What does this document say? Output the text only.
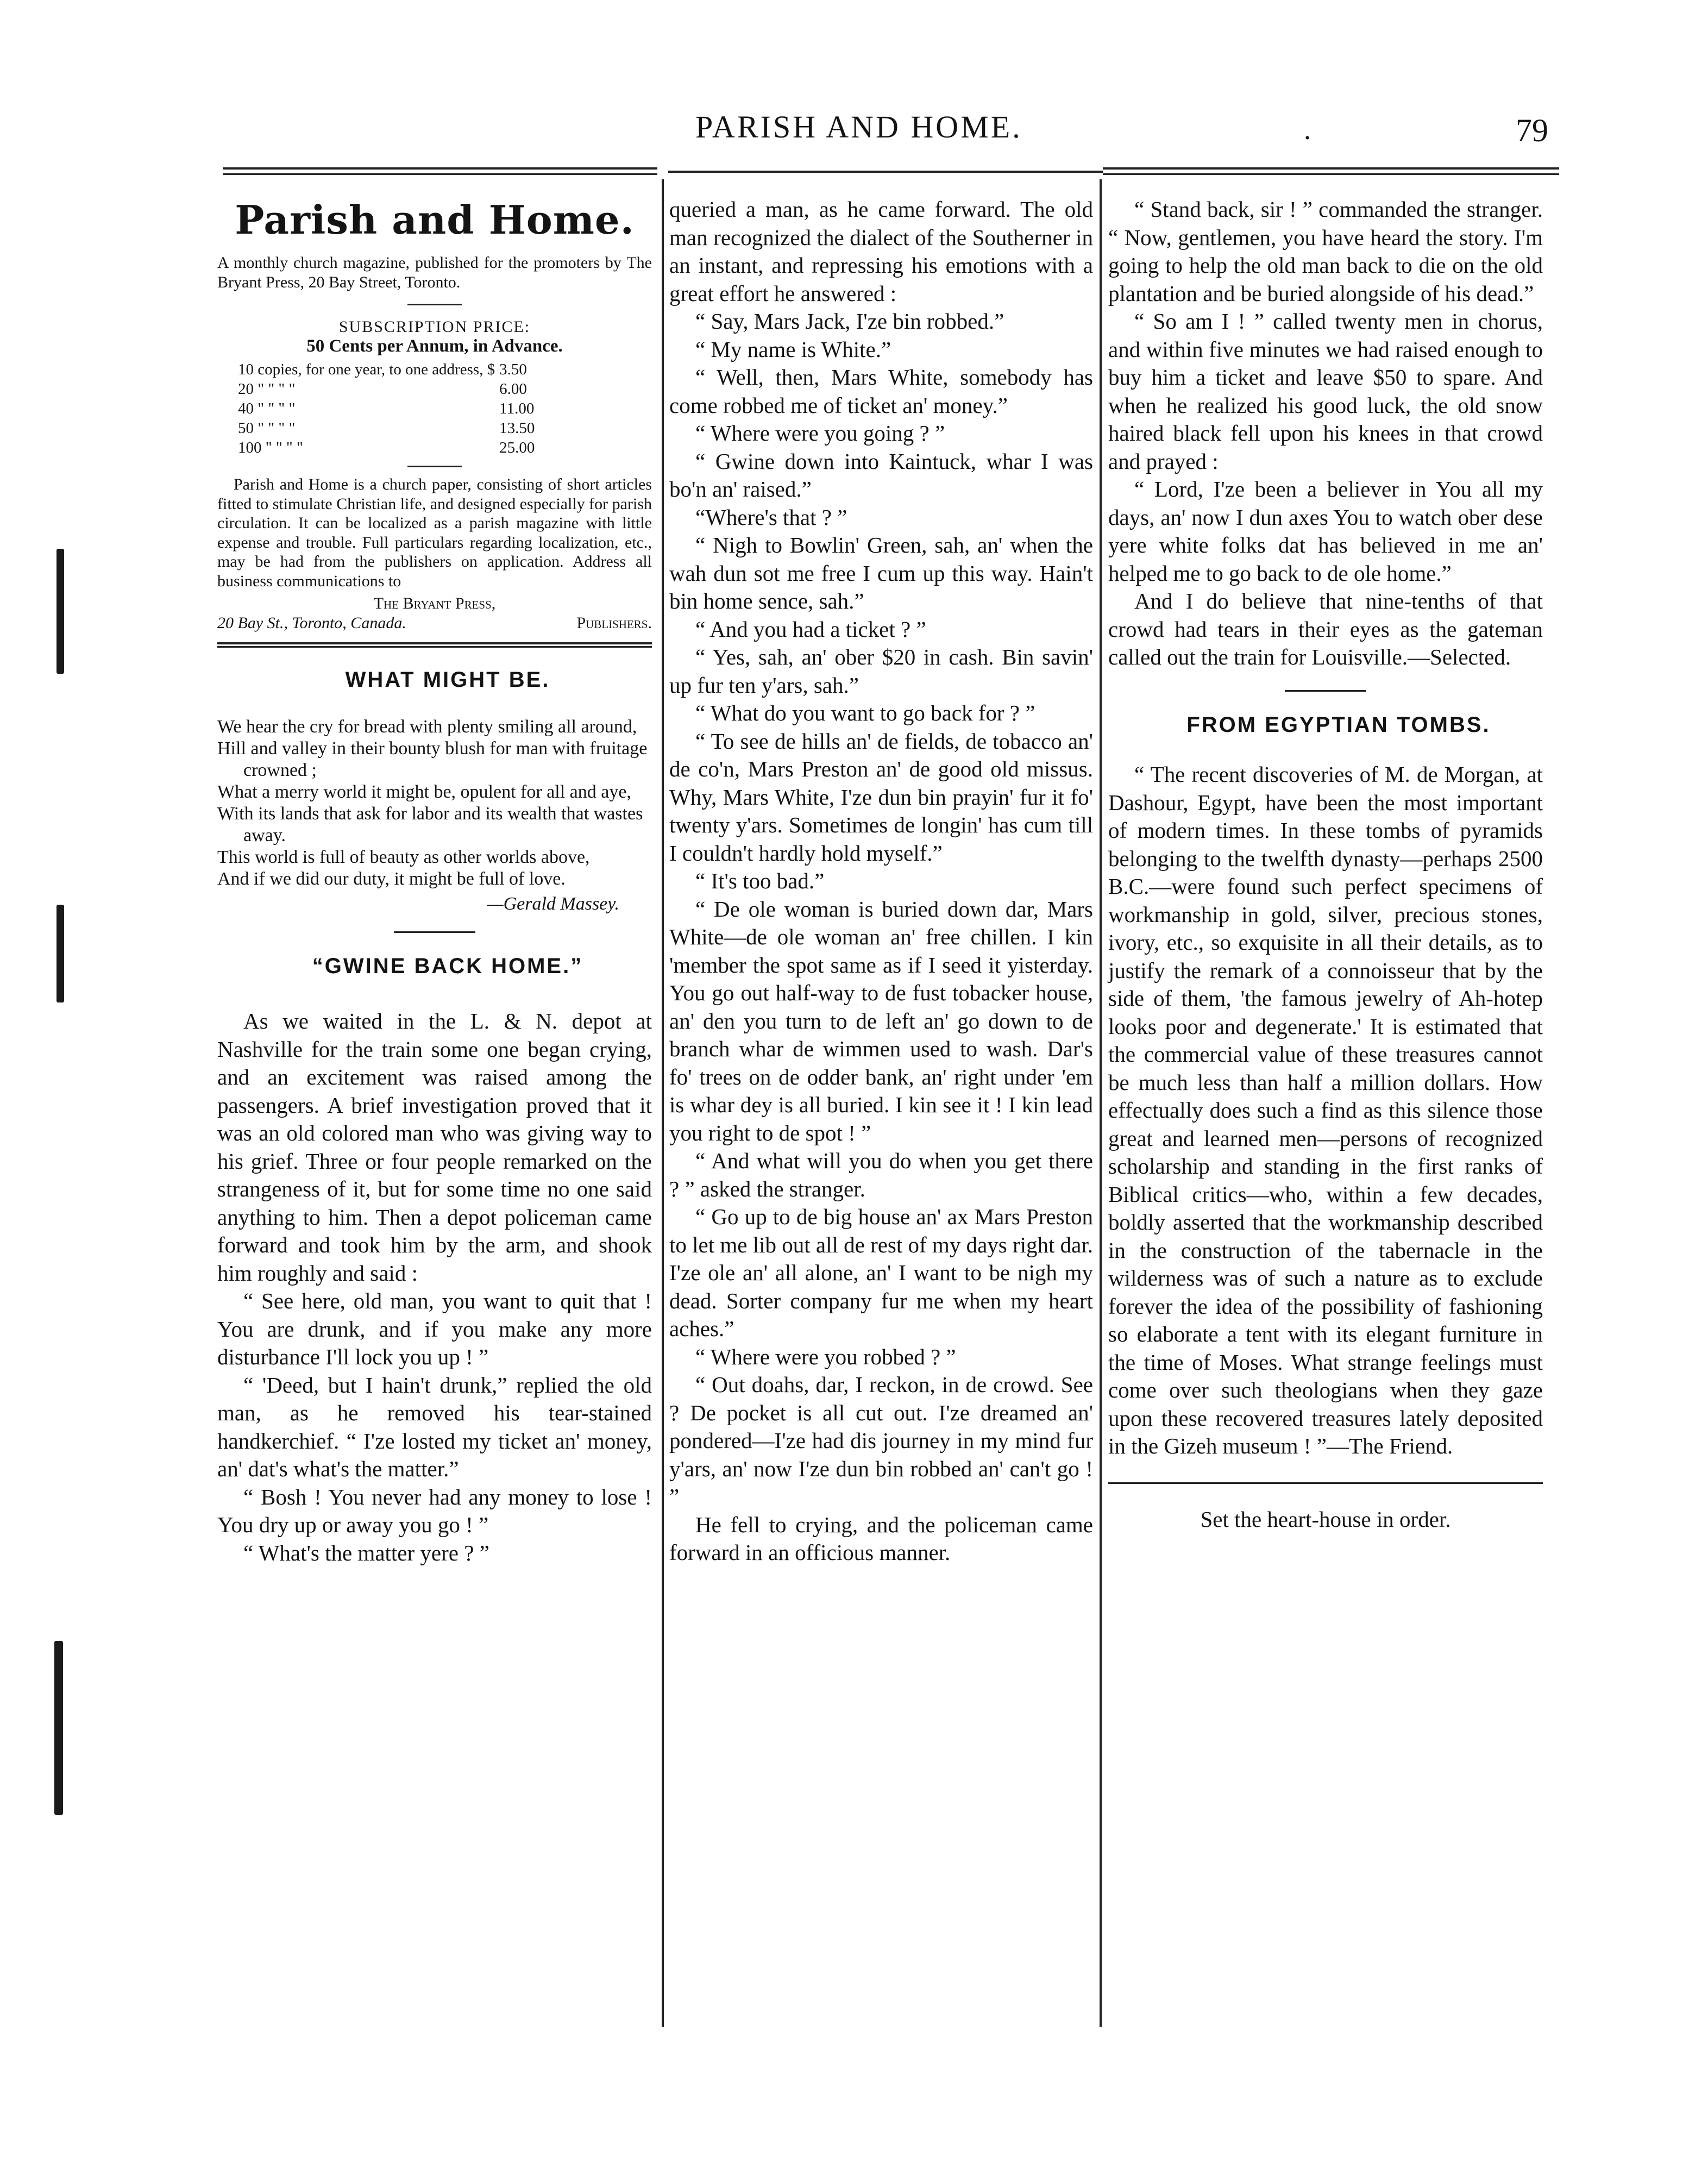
PARISH AND HOME.	.	79
Parish and Home.

A monthly church magazine, published for the promoters by The Bryant Press, 20 Bay Street, Toronto.

SUBSCRIPTION PRICE:

50 Cents per Annum, in Advance.

10 copies, for one year, to one address, $	3.50
20 " " " "	6.00
40 " " " "	11.00
50 " " " "	13.50
100 " " " "	25.00

Parish and Home is a church paper, consisting of short articles fitted to stimulate Christian life, and designed especially for parish circulation. It can be localized as a parish magazine with little expense and trouble. Full particulars regarding localization, etc., may be had from the publishers on application. Address all business communications to

The Bryant Press,

20 Bay St., Toronto, Canada.	Publishers.

WHAT MIGHT BE.

We hear the cry for bread with plenty smiling all around,

Hill and valley in their bounty blush for man with fruitage crowned ;

What a merry world it might be, opulent for all and aye,

With its lands that ask for labor and its wealth that wastes away.

This world is full of beauty as other worlds above,

And if we did our duty, it might be full of love.

—Gerald Massey.

“GWINE BACK HOME.”

As we waited in the L. & N. depot at Nashville for the train some one began crying, and an excitement was raised among the passengers. A brief investigation proved that it was an old colored man who was giving way to his grief. Three or four people remarked on the strangeness of it, but for some time no one said anything to him. Then a depot policeman came forward and took him by the arm, and shook him roughly and said :

“ See here, old man, you want to quit that ! You are drunk, and if you make any more disturbance I'll lock you up ! ”

“ 'Deed, but I hain't drunk,” replied the old man, as he removed his tear-stained handkerchief. “ I'ze losted my ticket an' money, an' dat's what's the matter.”

“ Bosh ! You never had any money to lose ! You dry up or away you go ! ”

“ What's the matter yere ? ”

queried a man, as he came forward. The old man recognized the dialect of the Southerner in an instant, and repressing his emotions with a great effort he answered :

“ Say, Mars Jack, I'ze bin robbed.”

“ My name is White.”

“ Well, then, Mars White, somebody has come robbed me of ticket an' money.”

“ Where were you going ? ”

“ Gwine down into Kaintuck, whar I was bo'n an' raised.”

“Where's that ? ”

“ Nigh to Bowlin' Green, sah, an' when the wah dun sot me free I cum up this way. Hain't bin home sence, sah.”

“ And you had a ticket ? ”

“ Yes, sah, an' ober $20 in cash. Bin savin' up fur ten y'ars, sah.”

“ What do you want to go back for ? ”

“ To see de hills an' de fields, de tobacco an' de co'n, Mars Preston an' de good old missus. Why, Mars White, I'ze dun bin prayin' fur it fo' twenty y'ars. Sometimes de longin' has cum till I couldn't hardly hold myself.”

“ It's too bad.”

“ De ole woman is buried down dar, Mars White—de ole woman an' free chillen. I kin 'member the spot same as if I seed it yisterday. You go out half-way to de fust tobacker house, an' den you turn to de left an' go down to de branch whar de wimmen used to wash. Dar's fo' trees on de odder bank, an' right under 'em is whar dey is all buried. I kin see it ! I kin lead you right to de spot ! ”

“ And what will you do when you get there ? ” asked the stranger.

“ Go up to de big house an' ax Mars Preston to let me lib out all de rest of my days right dar. I'ze ole an' all alone, an' I want to be nigh my dead. Sorter company fur me when my heart aches.”

“ Where were you robbed ? ”

“ Out doahs, dar, I reckon, in de crowd. See ? De pocket is all cut out. I'ze dreamed an' pondered—I'ze had dis journey in my mind fur y'ars, an' now I'ze dun bin robbed an' can't go ! ”

He fell to crying, and the policeman came forward in an officious manner.

“ Stand back, sir ! ” commanded the stranger. “ Now, gentlemen, you have heard the story. I'm going to help the old man back to die on the old plantation and be buried alongside of his dead.”

“ So am I ! ” called twenty men in chorus, and within five minutes we had raised enough to buy him a ticket and leave $50 to spare. And when he realized his good luck, the old snow haired black fell upon his knees in that crowd and prayed :

“ Lord, I'ze been a believer in You all my days, an' now I dun axes You to watch ober dese yere white folks dat has believed in me an' helped me to go back to de ole home.”

And I do believe that nine-tenths of that crowd had tears in their eyes as the gateman called out the train for Louisville.—Selected.

FROM EGYPTIAN TOMBS.

“ The recent discoveries of M. de Morgan, at Dashour, Egypt, have been the most important of modern times. In these tombs of pyramids belonging to the twelfth dynasty—perhaps 2500 B.C.—were found such perfect specimens of workmanship in gold, silver, precious stones, ivory, etc., so exquisite in all their details, as to justify the remark of a connoisseur that by the side of them, 'the famous jewelry of Ah-hotep looks poor and degenerate.' It is estimated that the commercial value of these treasures cannot be much less than half a million dollars. How effectually does such a find as this silence those great and learned men—persons of recognized scholarship and standing in the first ranks of Biblical critics—who, within a few decades, boldly asserted that the workmanship described in the construction of the tabernacle in the wilderness was of such a nature as to exclude forever the idea of the possibility of fashioning so elaborate a tent with its elegant furniture in the time of Moses. What strange feelings must come over such theologians when they gaze upon these recovered treasures lately deposited in the Gizeh museum ! ”—The Friend.

Set the heart-house in order.
